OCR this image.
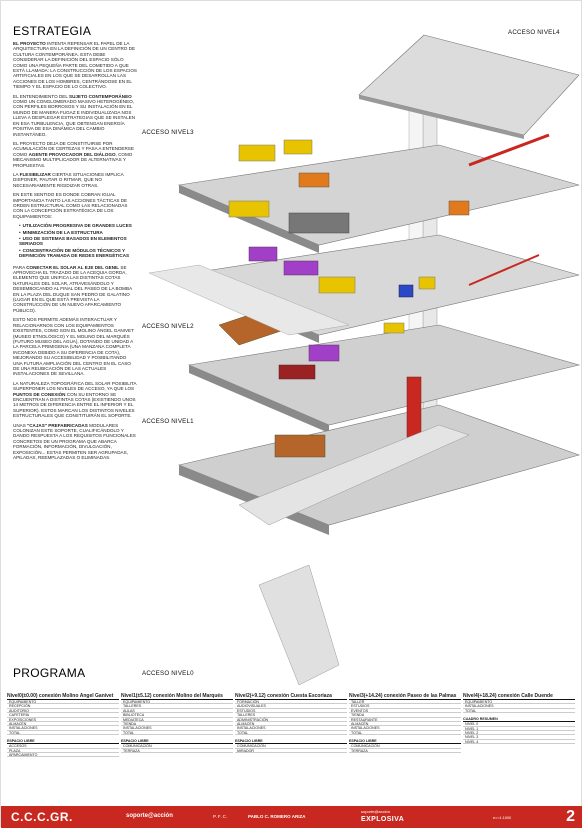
ESTRATEGIA

EL PROYECTO INTENTA REPENSAR EL PAPEL DE LA ARQUITECTURA EN LA DEFINICIÓN DE UN CENTRO DE CULTURA CONTEMPORÁNEA. ESTA DEBE CONSIDERAR LA DEFINICIÓN DEL ESPACIO SÓLO COMO UNA PEQUEÑA PARTE DEL COMETIDO A QUE ESTÁ LLAMADA: LA CONSTRUCCIÓN DE LOS ESPACIOS ARTIFICIALES EN LOS QUE SE DESARROLLAN LAS ACCIONES DE LOS HOMBRES, CENTRÁNDOSE EN EL TIEMPO Y EL ESPACIO DE LO COLECTIVO.

EL ENTENDIMIENTO DEL SUJETO CONTEMPORÁNEO COMO UN CONGLOMERADO MASIVO HETEROGÉNEO, CON PERFILES BORROSOS Y SU INSTALACIÓN EN EL MUNDO DE MANERA FUGAZ E INDIVIDUALIZADA NOS LLEVA A DESPLEGAR ESTRATEGIAS QUE SE INSTALEN EN ESA TURBULENCIA, QUE OBTENGAN ENERGÍA POSITIVA DE ESA DINÁMICA DEL CAMBIO INSTANTÁNEO.

EL PROYECTO DEJA DE CONSTITUIRSE POR ACUMULACIÓN DE CERTEZAS Y PASA A ENTENDERSE COMO AGENTE PROVOCADOR DEL DIÁLOGO, COMO MECANISMO MULTIPLICADOR DE ALTERNATIVAS Y PROPUESTAS.

LA FLEXIBILIZAR CIERTAS SITUACIONES IMPLICA DISPONER, PAUTAR O RITMAR, QUE NO NECESARIAMENTE RIGIDIZAR OTRAS.

EN ESTE SENTIDO ES DONDE COBRAN IGUAL IMPORTANCIA TANTO LAS ACCIONES TÁCTICAS DE ORDEN ESTRUCTURAL COMO LAS RELACIONADAS CON LA CONCEPCIÓN ESTRATÉGICA DE LOS EQUIPAMIENTOS:

• UTILIZACIÓN PROGRESIVA DE GRANDES LUCES
• MINIMIZACIÓN DE LA ESTRUCTURA
• USO DE SISTEMAS BASADOS EN ELEMENTOS SERIADOS
• CONCENTRACIÓN DE MÓDULOS TÉCNICOS Y DEFINICIÓN TRAMADA DE REDES ENERGÉTICAS

PARA CONECTAR EL SOLAR AL EJE DEL GENIL SE APROVECHA EL TRAZADO DE LA ACEQUIA GORDA, ELEMENTO QUE UNIFICA LAS DISTINTAS COTAS NATURALES DEL SOLAR, ATRAVESÁNDOLO Y DESEMBOCANDO AL FINAL DEL PASEO DE LA BOMBA EN LA PLAZA DEL DUQUE SAN PEDRO DE GALATINO (LUGAR EN EL QUE ESTÁ PREVISTA LA CONSTRUCCIÓN DE UN NUEVO APARCAMIENTO PÚBLICO).

ESTO NOS PERMITE ADEMÁS INTERACTUAR Y RELACIONARNOS CON LOS EQUIPAMIENTOS EXISTENTES, COMO SON EL MOLINO ÁNGEL GANIVET (MUSEO ETNOLÓGICO) Y EL MOLINO DEL MARQUÉS (FUTURO MUSEO DEL AGUA), DOTANDO DE UNIDAD A LA PARCELA PRIMIGENIA (UNA MANZANA COMPLETA INCONEXA DEBIDO A SU DIFERENCIA DE COTA), MEJORANDO SU ACCESIBILIDAD Y POSIBILITANDO UNA FUTURA AMPLIACIÓN DEL CENTRO EN EL CASO DE UNA REUBICACIÓN DE LAS ACTUALES INSTALACIONES DE SEVILLANA.

LA NATURALEZA TOPOGRÁFICA DEL SOLAR POSIBILITA SUPERPONER LOS NIVELES DE ACCESO, YA QUE LOS PUNTOS DE CONEXIÓN CON SU ENTORNO SE ENCUENTRAN A DISTINTAS COTAS (EXISTIENDO UNOS 14 METROS DE DIFERENCIA ENTRE EL INFERIOR Y EL SUPERIOR). ESTOS MARCAN LOS DISTINTOS NIVELES ESTRUCTURALES QUE CONSTITUIRÁN EL SOPORTE.

UNAS "CAJAS" PREFABRICADAS MODULARES COLONIZAN ESTE SOPORTE, CUALIFICÁNDOLO Y DANDO RESPUESTA A LOS REQUISITOS FUNCIONALES CONCRETOS DE UN PROGRAMA QUE ABARCA FORMACIÓN, INFORMACIÓN, DIVULGACIÓN, EXPOSICIÓN... ESTAS PERMITEN SER AGRUPADAS, APILADAS, REEMPLAZADAS O ELIMINADAS.

PROGRAMA
ACCESO NIVEL4
ACCESO NIVEL3
ACCESO NIVEL2
ACCESO NIVEL1
ACCESO NIVEL0
Nivel0(±0.00) conexión Molino Ángel Ganivet
EQUIPAMIENTO
RECEPCIÓN
AUDITORIO
CAFETERÍA
EXPOSICIONES
ALMACÉN
INSTALACIONES
TOTAL
ESPACIO LIBRE
ACCESOS
PLAZA
APARCAMIENTO
Nivel1(±5.12) conexión Molino del Marqués
EQUIPAMIENTO
TALLERES
AULAS
BIBLIOTECA
MEDIATECA
TIENDA
INSTALACIONES
TOTAL
ESPACIO LIBRE
COMUNICACIÓN
TERRAZA
Nivel2(+9.12) conexión Cuesta Escoriaza
FORMACIÓN
AUDIOVISUALES
ESTUDIOS
TALLERES
ADMINISTRACIÓN
ALMACÉN
INSTALACIONES
TOTAL
ESPACIO LIBRE
COMUNICACIÓN
MIRADOR
Nivel3(+14.24) conexión Paseo de las Palmas
TALLER
ESTUDIOS
EVENTOS
TIENDA
RESTAURANTE
ALMACÉN
INSTALACIONES
TOTAL
ESPACIO LIBRE
COMUNICACIÓN
TERRAZA
Nivel4(+18.24) conexión Calle Duende
EQUIPAMIENTO
INSTALACIONES
TOTAL
CUADRO RESUMEN
NIVEL 0
NIVEL 1
NIVEL 2
NIVEL 3
NIVEL 4
C.C.C.GR.	soporte@acción	P.F.C.	PABLO C. ROMERO ARIZA
soporte@acción
EXPLOSIVA	e==1:1000	2
